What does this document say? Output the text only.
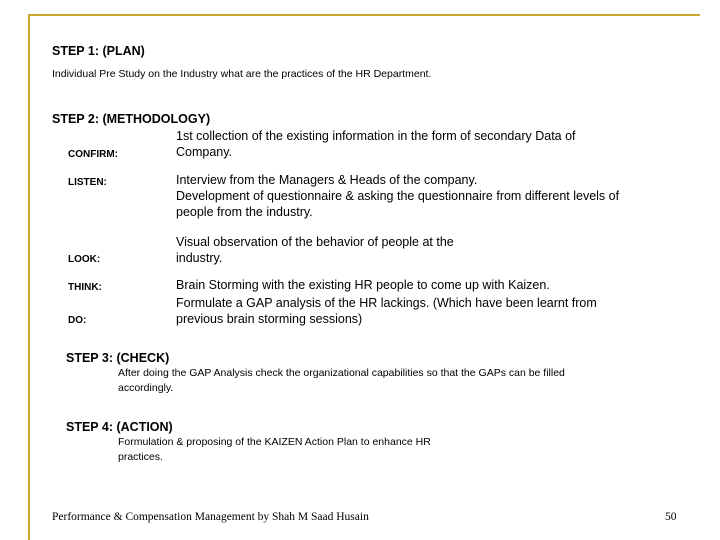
STEP 1: (PLAN)
Individual Pre Study on the Industry what are the practices of the HR Department.
STEP 2: (METHODOLOGY)
CONFIRM:
1st collection of the existing information in the form of secondary Data of Company.
LISTEN:	Interview from the Managers & Heads of the company.
Development of questionnaire & asking the questionnaire from different levels of people from the industry.
LOOK:
Visual observation of the behavior of people at the industry.
THINK:	Brain Storming with the existing HR people to come up with Kaizen.
DO:
Formulate a GAP analysis of the HR lackings. (Which have been learnt from previous brain storming sessions)
STEP 3: (CHECK)
After doing the GAP Analysis check the organizational capabilities so that the GAPs can be filled accordingly.
STEP 4: (ACTION)
Formulation & proposing of the KAIZEN Action Plan to enhance HR practices.
Performance & Compensation Management by Shah M Saad Husain	50
